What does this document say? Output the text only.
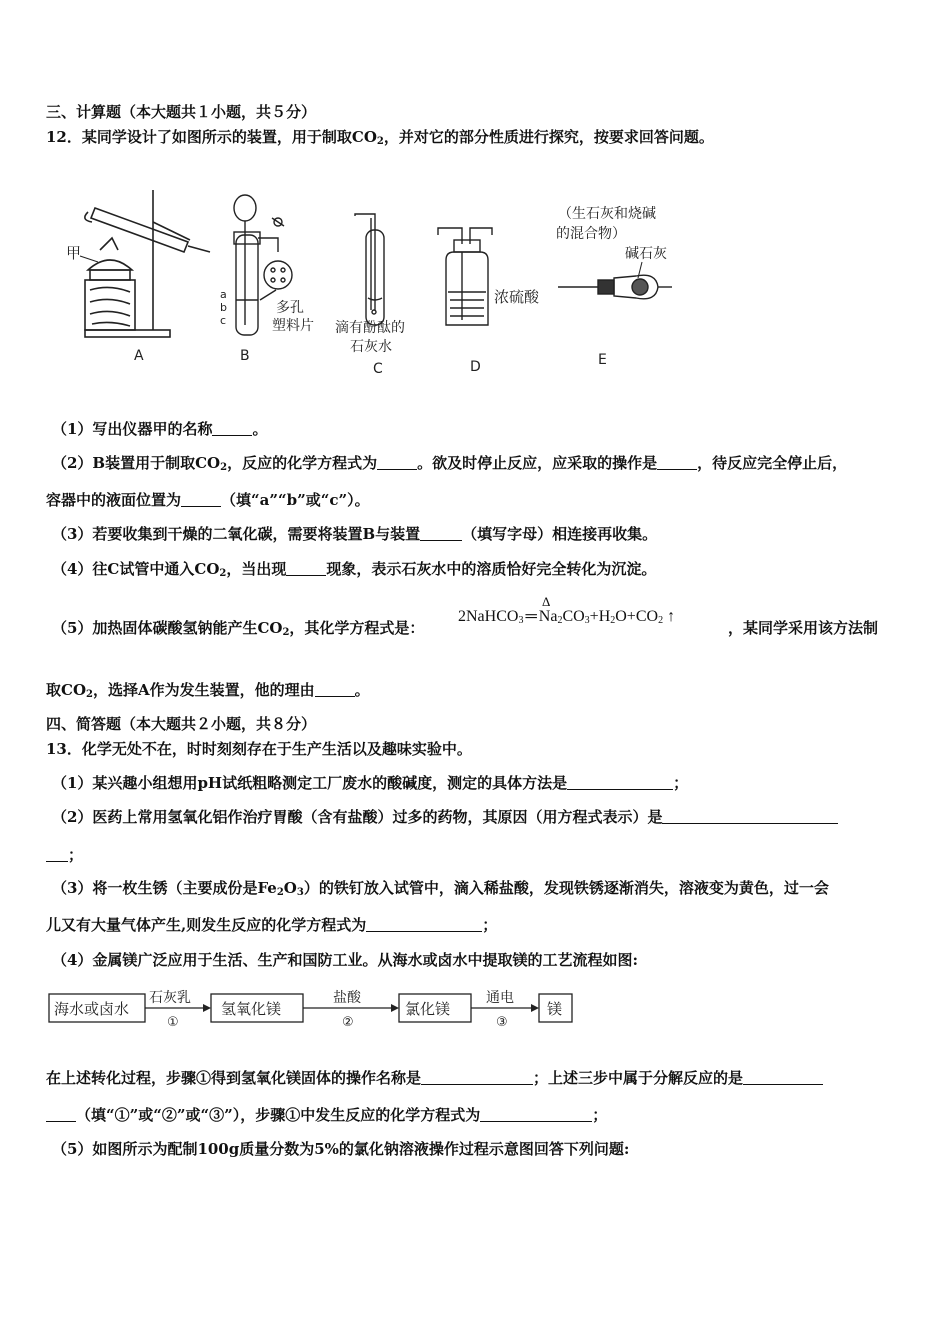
三、计算题（本大题共１小题，共５分）
12．某同学设计了如图所示的装置，用于制取$CO_2$，并对它的部分性质进行探究，按要求回答问题。
甲
a
b
c
多孔
塑料片 滴有酚酞的
石灰水
浓硫酸
（生石灰和烧碱
的混合物）
碱石灰
A	B
C	D	E
（1）写出仪器甲的名称	。
（2）B装置用于制取$CO_2$，反应的化学方程式为	。欲及时停止反应，应采取的操作是	，待反应完全停止后，
容器中的液面位置为	（填“a”“b”或“c”）。
（3）若要收集到干燥的二氧化碳，需要将装置B与装置	（填写字母）相连接再收集。
（4）往C试管中通入$CO_2$，当出现	现象，表示石灰水中的溶质恰好完全转化为沉淀。
（5）加热固体碳酸氢钠能产生$CO_2$，其化学方程式是：
Δ
2NaHCO$_3$ ═ $Na_2CO_3+H_2O+CO_2$ ↑
，某同学采用该方法制
取$CO_2$，选择A作为发生装置，他的理由	。
四、简答题（本大题共２小题，共８分）
13．化学无处不在，时时刻刻存在于生产生活以及趣味实验中。
（1）某兴趣小组想用pH试纸粗略测定工厂废水的酸碱度，测定的具体方法是	；
（2）医药上常用氢氧化铝作治疗胃酸（含有盐酸）过多的药物，其原因（用方程式表示）是
；
（3）将一枚生锈（主要成份是$Fe_2O_3$）的铁钉放入试管中，滴入稀盐酸，发现铁锈逐渐消失，溶液变为黄色，过一会
儿又有大量气体产生,则发生反应的化学方程式为	；
（4）金属镁广泛应用于生活、生产和国防工业。从海水或卤水中提取镁的工艺流程如图:
海水或卤水	氢氧化镁	氯化镁	镁
石灰乳	盐酸	通电
①	②	③
在上述转化过程，步骤①得到氢氧化镁固体的操作名称是	；上述三步中属于分解反应的是
（填“①”或“②”或“③”），步骤①中发生反应的化学方程式为	；
（5）如图所示为配制100g质量分数为5%的氯化钠溶液操作过程示意图回答下列问题:
